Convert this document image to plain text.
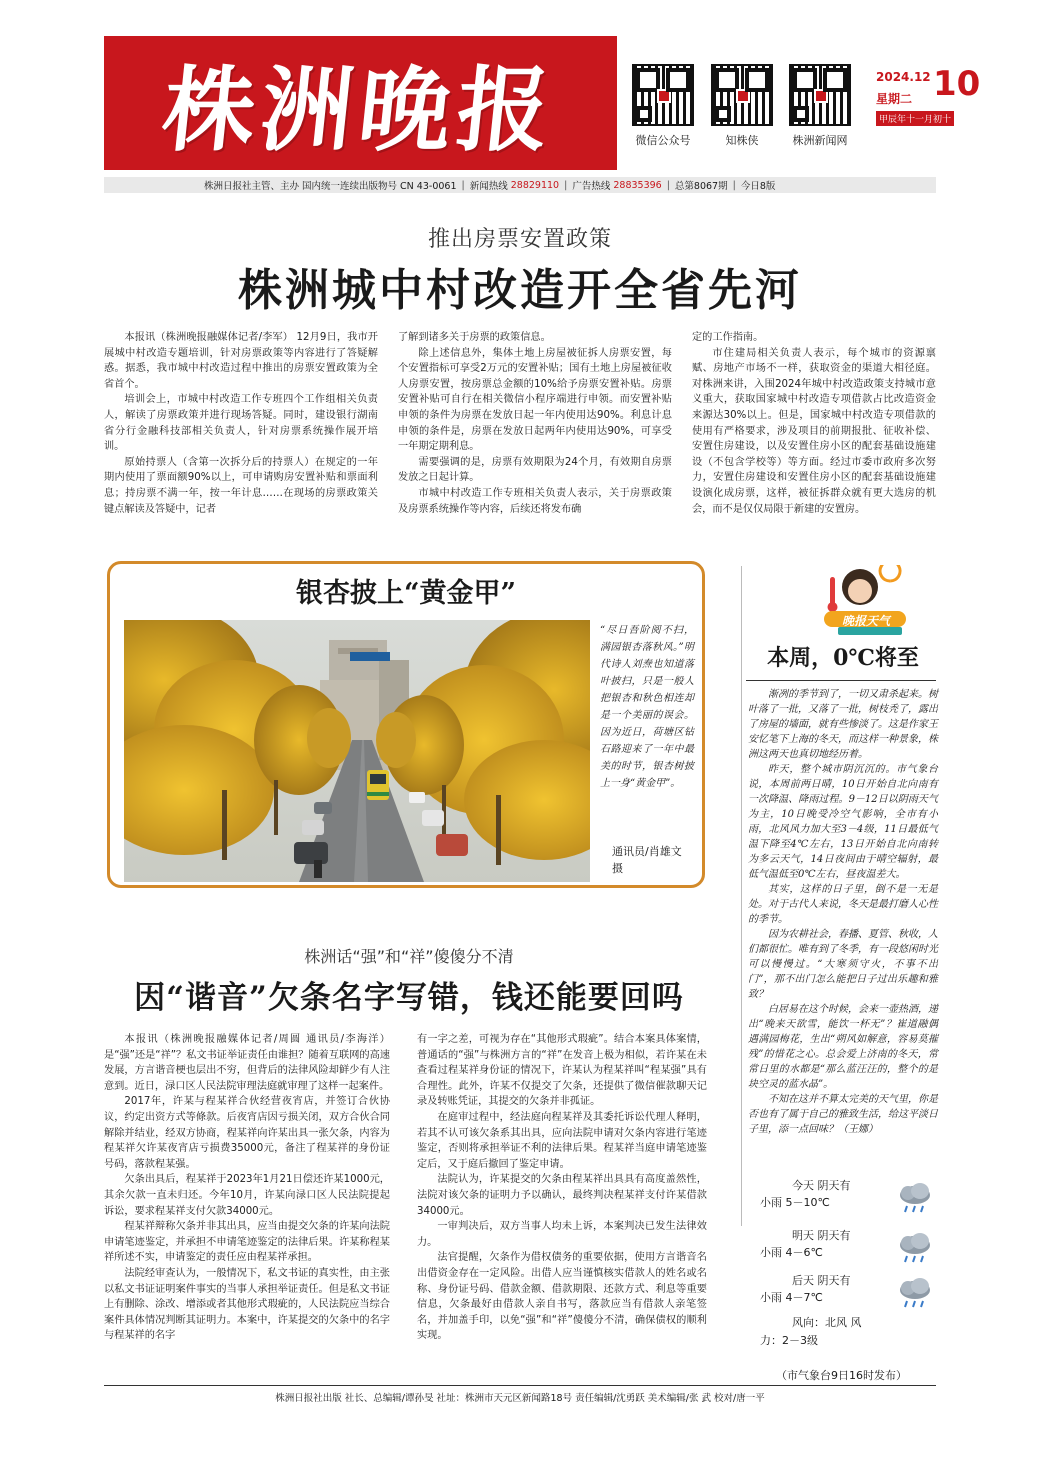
株洲晚报	微信公众号	知株侠	株洲新闻网
2024.12
星期二 10
甲辰年十一月初十
株洲日报社主管、主办 国内统一连续出版物号 CN 43-0061 | 新闻热线
28829110 | 广告热线
28835396 | 总第8067期 | 今日8版
推出房票安置政策
株洲城中村改造开全省先河

本报讯（株洲晚报融媒体记者/李军） 12月9日，我市开展城中村改造专题培训，针对房票政策等内容进行了答疑解惑。据悉，我市城中村改造过程中推出的房票安置政策为全省首个。

培训会上，市城中村改造工作专班四个工作组相关负责人，解读了房票政策并进行现场答疑。同时，建设银行湖南省分行金融科技部相关负责人，针对房票系统操作展开培训。

原始持票人（含第一次拆分后的持票人）在规定的一年期内使用了票面额90%以上，可申请购房安置补贴和票面利息；持房票不满一年，按一年计息……在现场的房票政策关键点解读及答疑中，记者

了解到诸多关于房票的政策信息。

除上述信息外，集体土地上房屋被征拆人房票安置，每个安置指标可享受2万元的安置补贴；国有土地上房屋被征收人房票安置，按房票总金额的10%给予房票安置补贴。房票安置补贴可自行在相关微信小程序端进行申领。而安置补贴申领的条件为房票在发放日起一年内使用达90%。利息计息申领的条件是，房票在发放日起两年内使用达90%，可享受一年期定期利息。

需要强调的是，房票有效期限为24个月，有效期自房票发放之日起计算。

市城中村改造工作专班相关负责人表示，关于房票政策及房票系统操作等内容，后续还将发布确

定的工作指南。

市住建局相关负责人表示，每个城市的资源禀赋、房地产市场不一样，获取资金的渠道大相径庭。对株洲来讲，入围2024年城中村改造政策支持城市意义重大，获取国家城中村改造专项借款占比改造资金来源达30%以上。但是，国家城中村改造专项借款的使用有严格要求，涉及项目的前期报批、征收补偿、安置住房建设，以及安置住房小区的配套基础设施建设（不包含学校等）等方面。经过市委市政府多次努力，安置住房建设和安置住房小区的配套基础设施建设演化成房票，这样，被征拆群众就有更大选房的机会，而不是仅仅局限于新建的安置房。

银杏披上“黄金甲”
“尽日吾阶阅不扫，满园银杏落秋风。”明代诗人刘焘也知道落叶披扫，只是一般人把银杏和秋色相连却是一个美丽的误会。因为近日，荷塘区钻石路迎来了一年中最美的时节，银杏树披上一身“黄金甲”。
通讯员/肖雄文 摄
株洲话“强”和“祥”傻傻分不清
因“谐音”欠条名字写错，钱还能要回吗

本报讯（株洲晚报融媒体记者/周圆 通讯员/李海洋）是“强”还是“祥”？私文书证举证责任由谁担？随着互联网的高速发展，方言谐音梗也层出不穷，但背后的法律风险却鲜少有人注意到。近日，渌口区人民法院审理法庭就审理了这样一起案件。

2017年，许某与程某祥合伙经营夜宵店，并签订合伙协议，约定出资方式等條款。后夜宵店因亏损关闭，双方合伙合同解除并结业，经双方协商，程某祥向许某出具一张欠条，内容为程某祥欠许某夜宵店亏损费35000元，备注了程某祥的身份证号码，落款程某强。

欠条出具后，程某祥于2023年1月21日偿还许某1000元，其余欠款一直未归还。今年10月，许某向渌口区人民法院提起诉讼，要求程某祥支付欠款34000元。

程某祥辩称欠条并非其出具，应当由提交欠条的许某向法院申请笔迹鉴定，并承担不申请笔迹鉴定的法律后果。许某称程某祥所述不实，申请鉴定的责任应由程某祥承担。

法院经审查认为，一般情况下，私文书证的真实性，由主张以私文书证证明案件事实的当事人承担举证责任。但是私文书证上有删除、涂改、增添或者其他形式瑕疵的，人民法院应当综合案件具体情况判断其证明力。本案中，许某提交的欠条中的名字与程某祥的名字

有一字之差，可视为存在“其他形式瑕疵”。结合本案具体案情，普通话的“强”与株洲方言的“祥”在发音上极为相似，若许某在未查看过程某祥身份证的情况下，许某认为程某祥叫“程某强”具有合理性。此外，许某不仅提交了欠条，还提供了微信催款聊天记录及转账凭证，其提交的欠条并非孤证。

在庭审过程中，经法庭向程某祥及其委托诉讼代理人释明，若其不认可该欠条系其出具，应向法院申请对欠条内容进行笔迹鉴定，否则将承担举证不利的法律后果。程某祥当庭申请笔迹鉴定后，又于庭后撤回了鉴定申请。

法院认为，许某提交的欠条由程某祥出具具有高度盖然性，法院对该欠条的证明力予以确认，最终判决程某祥支付许某借款34000元。

一审判决后，双方当事人均未上诉，本案判决已发生法律效力。

法官提醒，欠条作为借权债务的重要依据，使用方言谐音名出借资金存在一定风险。出借人应当谨慎核实借款人的姓名或名称、身份证号码、借款金额、借款期限、还款方式、利息等重要信息，欠条最好由借款人亲自书写，落款应当有借款人亲笔签名，并加盖手印，以免“强”和“祥”傻傻分不清，确保债权的顺利实现。

晚报天气
本周，0℃将至

渐冽的季节到了，一切又肃杀起来。树叶落了一批，又落了一批，树枝秃了，露出了房屋的墙面，就有些惨淡了。这是作家王安忆笔下上海的冬天，而这样一种景象，株洲这两天也真切地经历着。

昨天，整个城市阴沉沉的。市气象台说，本周前两日晴，10日开始自北向南有一次降温、降雨过程。9－12日以阴雨天气为主，10日晚受冷空气影响，全市有小雨，北风风力加大至3－4级，11日最低气温下降至4℃左右，13日开始自北向南转为多云天气，14日夜间由于晴空辐射，最低气温低至0℃左右，昼夜温差大。

其实，这样的日子里，倒不是一无是处。对于古代人来说，冬天是最打磨人心性的季节。

因为农耕社会，春播、夏管、秋收，人们都很忙。唯有到了冬季，有一段悠闲时光可以慢慢过。“大寒须守火，不事不出门”，那不出门怎么能把日子过出乐趣和雅致？

白居易在这个时候，会来一壶热酒，递出“晚来天欲雪，能饮一杯无”？崔道融偶遇满园梅花，生出“朔风如解意，容易莫摧残”的惜花之心。总会爱上济南的冬天，常常日里的水都是“那么蓝汪汪的，整个的是块空灵的蓝水晶”。

不知在这并不算太完美的天气里，你是否也有了属于自己的雅致生活，给这平淡日子里，添一点回味？（王娜）

今天 阴天有
小雨 5－10℃
明天 阴天有
小雨 4－6℃
后天 阴天有
小雨 4－7℃
风向：北风 风
力：2－3级
（市气象台9日16时发布）
株洲日报社出版 社长、总编辑/谭孙旻 社址：株洲市天元区新闻路18号 责任编辑/沈勇跃 美术编辑/张 武 校对/唐一平
